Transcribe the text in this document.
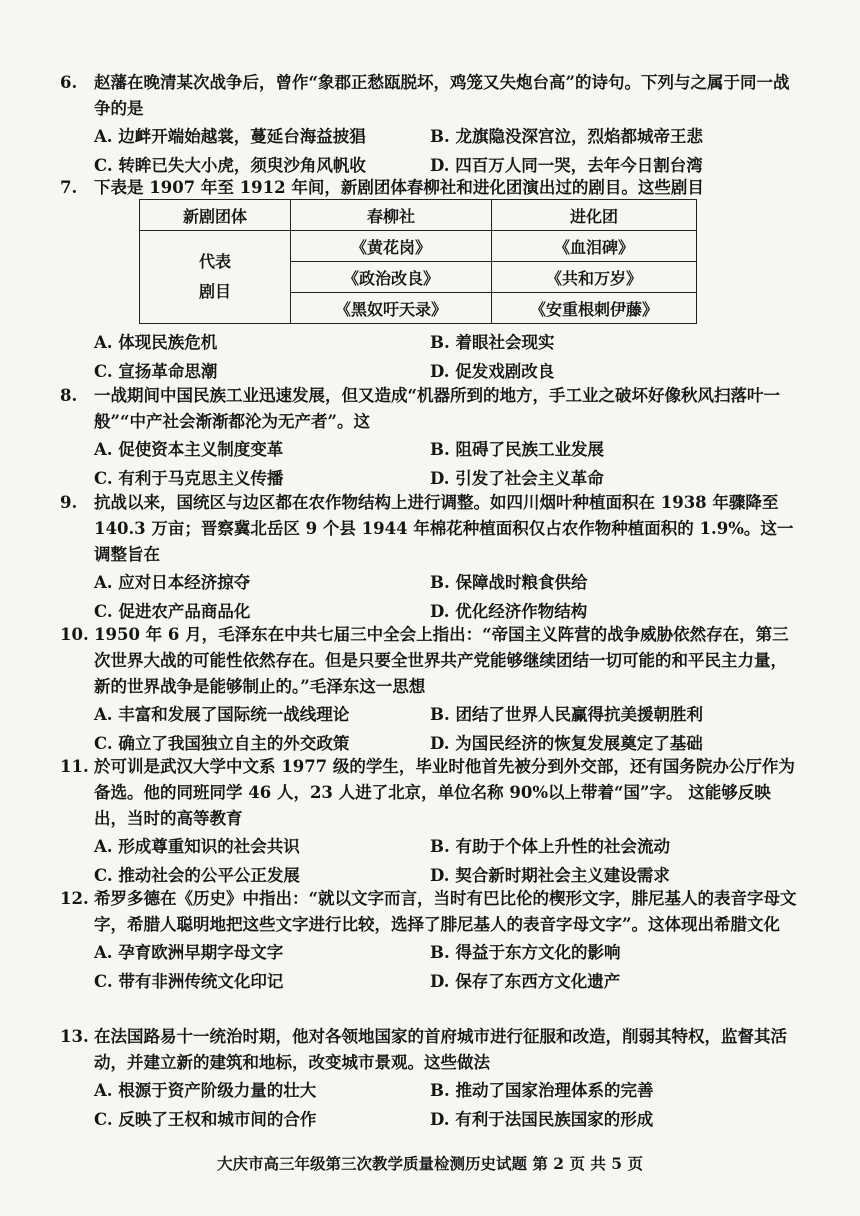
6. 赵藩在晚清某次战争后，曾作“象郡正愁瓯脱坏，鸡笼又失炮台高”的诗句。下列与之属于同一战争的是
A. 边衅开端始越裳，蔓延台海益披猖	B. 龙旗隐没深宫泣，烈焰都城帝王悲
C. 转眸已失大小虎，须臾沙角风帆收	D. 四百万人同一哭，去年今日割台湾
7. 下表是 1907 年至 1912 年间，新剧团体春柳社和进化团演出过的剧目。这些剧目
新剧团体	春柳社	进化团

代表
剧目	《黄花岗》	《血泪碑》
	《政治改良》	《共和万岁》
	《黑奴吁天录》	《安重根刺伊藤》
A. 体现民族危机	B. 着眼社会现实
C. 宣扬革命思潮	D. 促发戏剧改良
8. 一战期间中国民族工业迅速发展，但又造成“机器所到的地方，手工业之破坏好像秋风扫落叶一般”“中产社会渐渐都沦为无产者”。这
A. 促使资本主义制度变革	B. 阻碍了民族工业发展
C. 有利于马克思主义传播	D. 引发了社会主义革命
9. 抗战以来，国统区与边区都在农作物结构上进行调整。如四川烟叶种植面积在 1938 年骤降至 140.3 万亩；晋察冀北岳区 9 个县 1944 年棉花种植面积仅占农作物种植面积的 1.9%。这一调整旨在
A. 应对日本经济掠夺	B. 保障战时粮食供给
C. 促进农产品商品化	D. 优化经济作物结构
10. 1950 年 6 月，毛泽东在中共七届三中全会上指出：“帝国主义阵营的战争威胁依然存在，第三次世界大战的可能性依然存在。但是只要全世界共产党能够继续团结一切可能的和平民主力量，新的世界战争是能够制止的。”毛泽东这一思想
A. 丰富和发展了国际统一战线理论	B. 团结了世界人民赢得抗美援朝胜利
C. 确立了我国独立自主的外交政策	D. 为国民经济的恢复发展奠定了基础
11. 於可训是武汉大学中文系 1977 级的学生，毕业时他首先被分到外交部，还有国务院办公厅作为备选。他的同班同学 46 人，23 人进了北京，单位名称 90%以上带着“国”字。 这能够反映出，当时的高等教育
A. 形成尊重知识的社会共识	B. 有助于个体上升性的社会流动
C. 推动社会的公平公正发展	D. 契合新时期社会主义建设需求
12. 希罗多德在《历史》中指出：“就以文字而言，当时有巴比伦的楔形文字，腓尼基人的表音字母文字，希腊人聪明地把这些文字进行比较，选择了腓尼基人的表音字母文字”。这体现出希腊文化
A. 孕育欧洲早期字母文字	B. 得益于东方文化的影响
C. 带有非洲传统文化印记	D. 保存了东西方文化遗产
13. 在法国路易十一统治时期，他对各领地国家的首府城市进行征服和改造，削弱其特权，监督其活动，并建立新的建筑和地标，改变城市景观。这些做法
A. 根源于资产阶级力量的壮大	B. 推动了国家治理体系的完善
C. 反映了王权和城市间的合作	D. 有利于法国民族国家的形成
大庆市高三年级第三次教学质量检测历史试题 第 2 页 共 5 页
